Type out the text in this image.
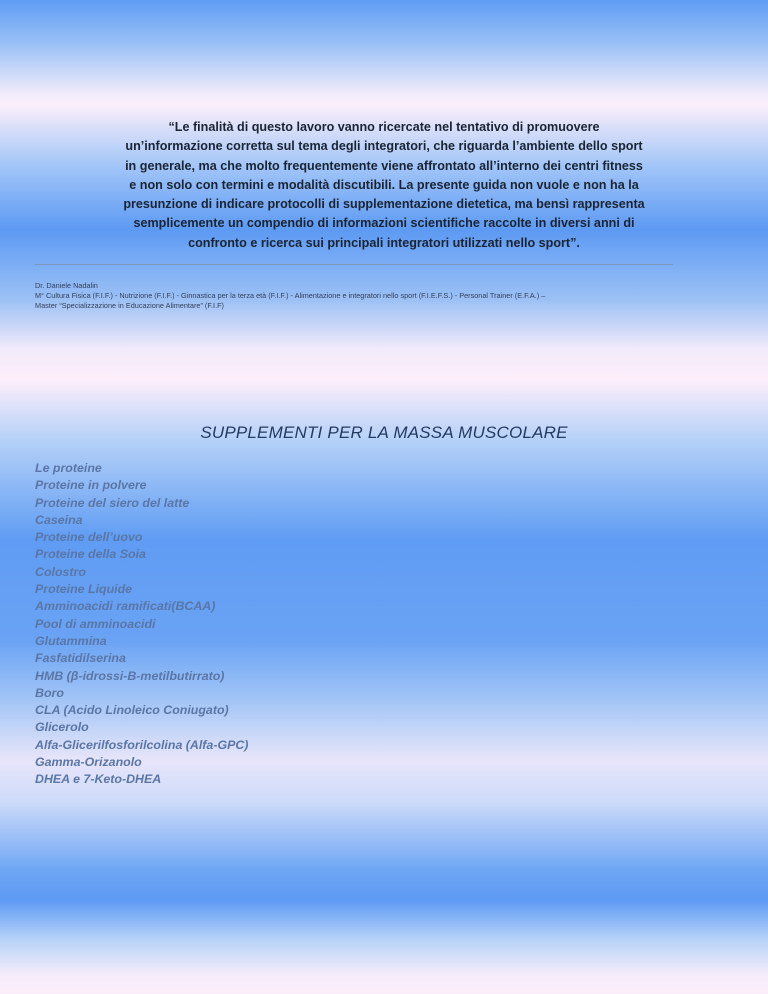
“Le finalità di questo lavoro vanno ricercate nel tentativo di promuovere
un’informazione corretta sul tema degli integratori, che riguarda l’ambiente dello sport
in generale, ma che molto frequentemente viene affrontato all’interno dei centri fitness
e non solo con termini e modalità discutibili. La presente guida non vuole e non ha la
presunzione di indicare protocolli di supplementazione dietetica, ma bensì rappresenta
semplicemente un compendio di informazioni scientifiche raccolte in diversi anni di
confronto e ricerca sui principali integratori utilizzati nello sport”.
Dr. Daniele Nadalin
M° Cultura Fisica (F.I.F.) - Nutrizione (F.I.F.) - Ginnastica per la terza età (F.I.F.) - Alimentazione e integratori nello sport (F.I.E.F.S.) - Personal Trainer (E.F.A.) –
Master “Specializzazione in Educazione Alimentare” (F.I.F)
SUPPLEMENTI PER LA MASSA MUSCOLARE
Le proteine
Proteine in polvere
Proteine del siero del latte
Caseina
Proteine dell’uovo
Proteine della Soia
Colostro
Proteine Liquide
Amminoacidi ramificati(BCAA)
Pool di amminoacidi
Glutammina
Fasfatidilserina
HMB (β-idrossi-B-metilbutirrato)
Boro
CLA (Acido Linoleico Coniugato)
Glicerolo
Alfa-Glicerilfosforilcolina (Alfa-GPC)
Gamma-Orizanolo
DHEA e 7-Keto-DHEA
